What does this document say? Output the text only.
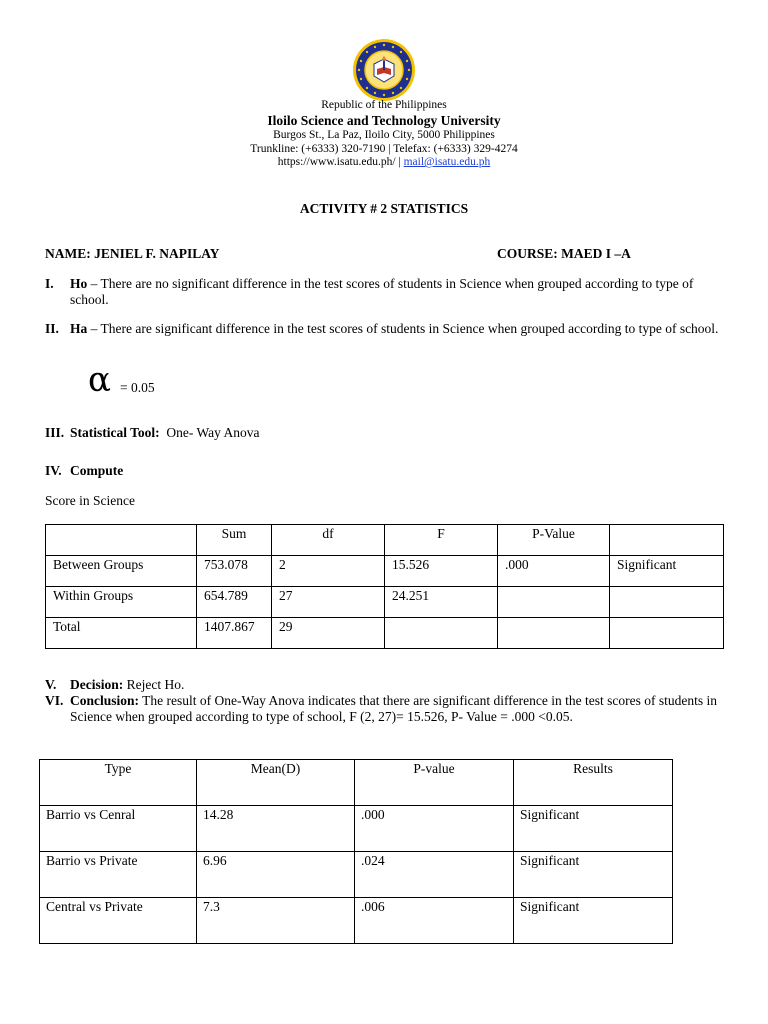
Republic of the Philippines
Iloilo Science and Technology University
Burgos St., La Paz, Iloilo City, 5000 Philippines
Trunkline: (+6333) 320-7190 | Telefax: (+6333) 329-4274
https://www.isatu.edu.ph/ | mail@isatu.edu.ph
ACTIVITY # 2 STATISTICS
NAME: JENIEL F. NAPILAY	COURSE: MAED I –A
I. Ho – There are no significant difference in the test scores of students in Science when grouped according to type of school.
II. Ha – There are significant difference in the test scores of students in Science when grouped according to type of school.
α = 0.05
III. Statistical Tool: One- Way Anova
IV. Compute
Score in Science
	Sum	df	F	P-Value	
Between Groups	753.078	2	15.526	.000	Significant
Within Groups	654.789	27	24.251		
Total	1407.867	29			
V. Decision: Reject Ho.
VI. Conclusion: The result of One-Way Anova indicates that there are significant difference in the test scores of students in Science when grouped according to type of school, F (2, 27)= 15.526, P- Value = .000 <0.05.
Type	Mean(D)	P-value	Results
Barrio vs Cenral	14.28	.000	Significant
Barrio vs Private	6.96	.024	Significant
Central vs Private	7.3	.006	Significant
